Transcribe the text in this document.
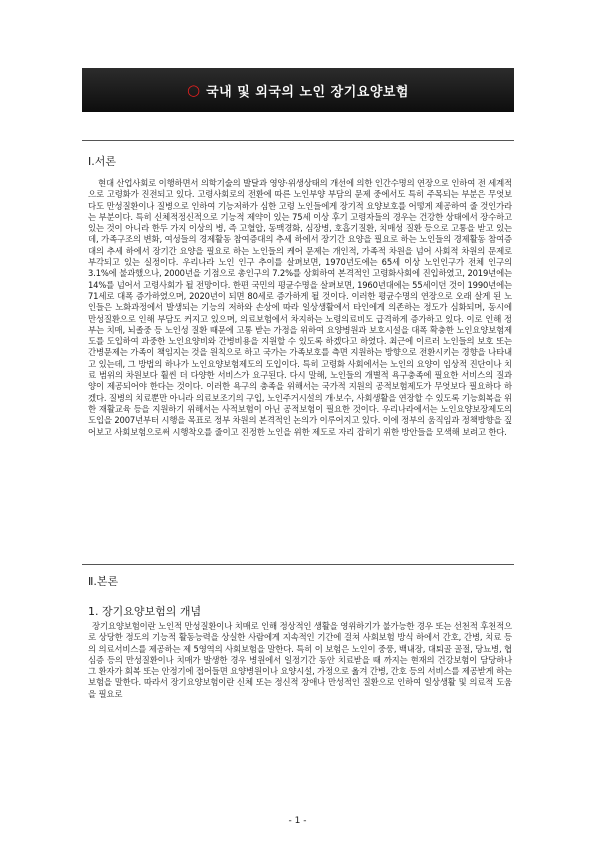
○ 국내 및 외국의 노인 장기요양보험
Ⅰ.서론

현대 산업사회로 이행하면서 의학기술의 발달과 영양·위생상태의 개선에 의한 인간수명의 연장으로 인하여 전 세계적으로 고령화가 진전되고 있다. 고령사회로의 전환에 따른 노인부양 부담의 문제 중에서도 특히 주목되는 부분은 무엇보다도 만성질환이나 질병으로 인하여 기능저하가 심한 고령 노인들에게 장기적 요양보호를 어떻게 제공하여 줄 것인가라는 부분이다. 특히 신체적정신적으로 기능적 제약이 있는 75세 이상 후기 고령자들의 경우는 건강한 상태에서 장수하고 있는 것이 아니라 한두 가지 이상의 병, 즉 고혈압, 동맥경화, 심장병, 호흡기질환, 치매성 질환 등으로 고통을 받고 있는데, 가족구조의 변화, 여성들의 경제활동 참여증대의 추세 하에서 장기간 요양을 필요로 하는 노인들의 경제활동 참여증대의 추세 하에서 장기간 요양을 필요로 하는 노인들의 케어 문제는 개인적, 가족적 차원을 넘어 사회적 차원의 문제로 부각되고 있는 실정이다. 우리나라 노인 인구 추이를 살펴보면, 1970년도에는 65세 이상 노인인구가 전체 인구의 3.1%에 불과했으나, 2000년을 기점으로 총인구의 7.2%를 상회하여 본격적인 고령화사회에 진입하였고, 2019년에는 14%를 넘어서 고령사회가 될 전망이다. 한편 국민의 평균수명을 살펴보면, 1960년대에는 55세이던 것이 1990년에는 71세로 대폭 증가하였으며, 2020년이 되면 80세로 증가하게 될 것이다. 이러한 평균수명의 연장으로 오래 살게 된 노인들은 노화과정에서 발생되는 기능의 저하와 손상에 따라 일상생활에서 타인에게 의존하는 정도가 심화되며, 동시에 만성질환으로 인해 부담도 커지고 있으며, 의료보험에서 차지하는 노령의료비도 급격하게 증가하고 있다. 이로 인해 정부는 치매, 뇌졸중 등 노인성 질환 때문에 고통 받는 가정을 위하여 요양병원과 보호시설을 대폭 확충한 노인요양보험제도를 도입하여 과중한 노인요양비와 간병비용을 지원할 수 있도록 하겠다고 하였다. 최근에 이르러 노인들의 보호 또는 간병문제는 가족이 책임지는 것을 원칙으로 하고 국가는 가족보호를 측면 지원하는 방향으로 전환시키는 경향을 나타내고 있는데, 그 방법의 하나가 노인요양보험제도의 도입이다. 특히 고령화 사회에서는 노인의 요양이 임상적 진단이나 치료 범위의 차원보다 훨씬 더 다양한 서비스가 요구된다. 다시 말해, 노인들의 개별적 욕구충족에 필요한 서비스의 질과 양이 제공되어야 한다는 것이다. 이러한 욕구의 충족을 위해서는 국가적 지원의 공적보험제도가 무엇보다 필요하다 하겠다. 질병의 치료뿐만 아니라 의료보조기의 구입, 노인주거시설의 개·보수, 사회생활을 연장할 수 있도록 기능회복을 위한 재활교육 등을 지원하기 위해서는 사적보험이 아닌 공적보험이 필요한 것이다. 우리나라에서는 노인요양보장제도의 도입을 2007년부터 시행을 목표로 정부 차원의 본격적인 논의가 이루어지고 있다. 이에 정부의 움직임과 정책방향을 짚어보고 사회보험으로써 시행착오를 줄이고 진정한 노인을 위한 제도로 자리 잡히기 위한 방안들을 모색해 보려고 한다.

Ⅱ.본론
1. 장기요양보험의 개념

장기요양보험이란 노인적 만성질환이나 치매로 인해 정상적인 생활을 영위하기가 불가능한 경우 또는 선천적 후천적으로 상당한 정도의 기능적 활동능력을 상실한 사람에게 지속적인 기간에 걸쳐 사회보험 방식 하에서 간호, 간병, 치료 등의 의료서비스를 제공하는 제 5영역의 사회보험을 말한다. 특히 이 보험은 노인이 중풍, 백내장, 대퇴골 골절, 당뇨병, 협심증 등의 만성질환이나 치매가 발생한 경우 병원에서 일정기간 동안 치료받을 때 까지는 현재의 건강보험이 담당하나 그 환자가 회복 또는 안정기에 접어들면 요양병원이나 요양시설, 가정으로 옮겨 간병, 간호 등의 서비스를 제공받게 하는 보험을 말한다. 따라서 장기요양보험이란 신체 또는 정신적 장애나 만성적인 질환으로 인하여 일상생활 및 의료적 도움을 필요로

- 1 -
